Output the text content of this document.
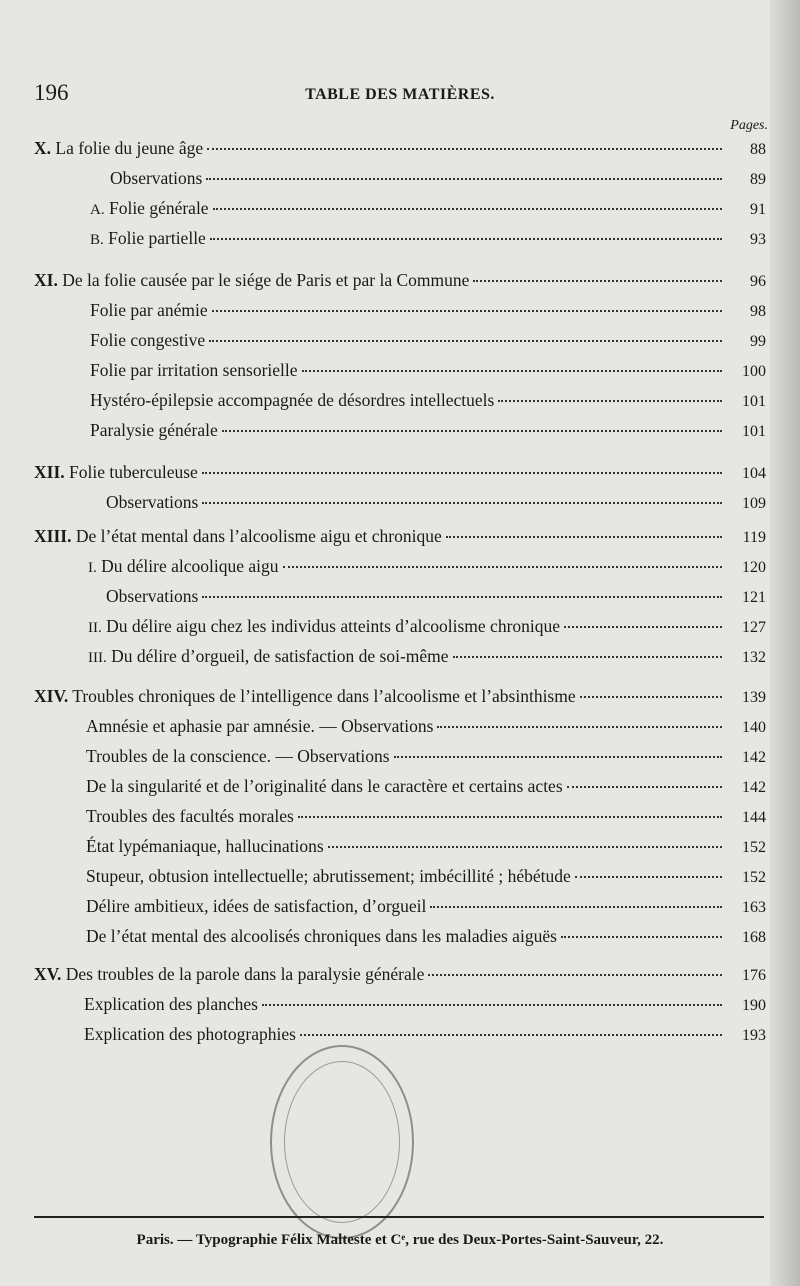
196	TABLE DES MATIÈRES.
Pages.
X. La folie du jeune âge	88
Observations	89
A. Folie générale	91
B. Folie partielle	93
XI. De la folie causée par le siége de Paris et par la Commune	96
Folie par anémie	98
Folie congestive	99
Folie par irritation sensorielle	100
Hystéro-épilepsie accompagnée de désordres intellectuels	101
Paralysie générale	101
XII. Folie tuberculeuse	104
Observations	109
XIII. De l’état mental dans l’alcoolisme aigu et chronique	119
I. Du délire alcoolique aigu	120
Observations	121
II. Du délire aigu chez les individus atteints d’alcoolisme chronique	127
III. Du délire d’orgueil, de satisfaction de soi-même	132
XIV. Troubles chroniques de l’intelligence dans l’alcoolisme et l’absinthisme	139
Amnésie et aphasie par amnésie. — Observations	140
Troubles de la conscience. — Observations	142
De la singularité et de l’originalité dans le caractère et certains actes	142
Troubles des facultés morales	144
État lypémaniaque, hallucinations	152
Stupeur, obtusion intellectuelle; abrutissement; imbécillité ; hébétude	152
Délire ambitieux, idées de satisfaction, d’orgueil	163
De l’état mental des alcoolisés chroniques dans les maladies aiguës	168
XV. Des troubles de la parole dans la paralysie générale	176
Explication des planches	190
Explication des photographies	193
Paris. — Typographie Félix Malteste et Cᵉ, rue des Deux-Portes-Saint-Sauveur, 22.
